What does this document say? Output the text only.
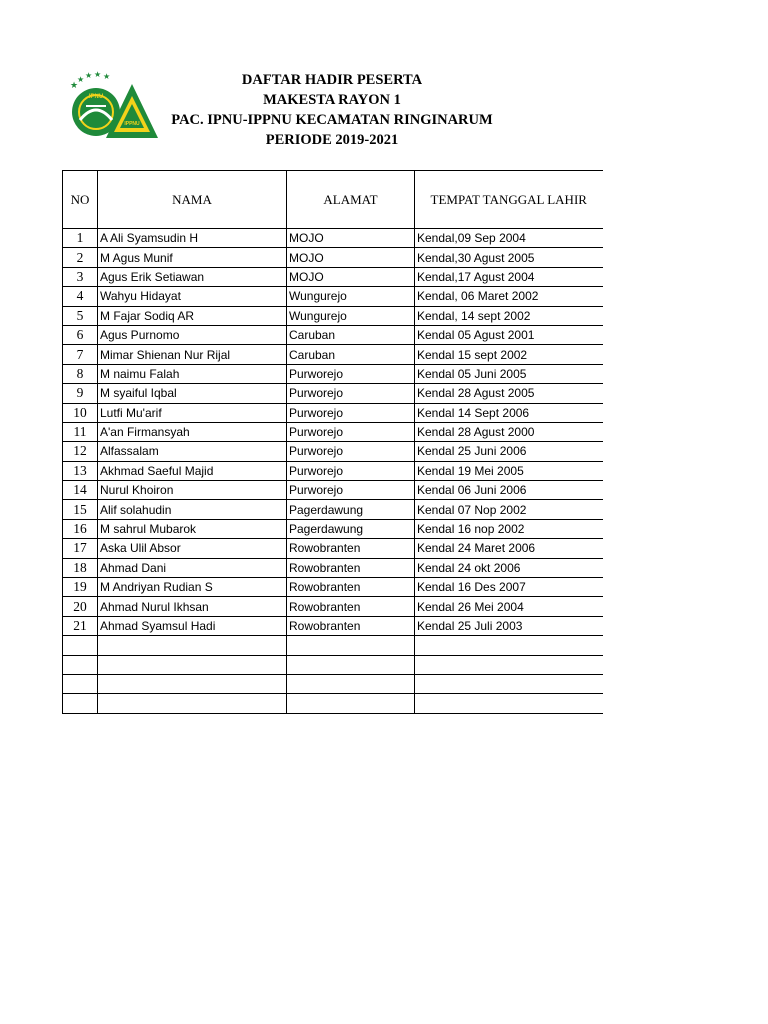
IPNU
★
★ ★ ★ ★
IPPNU
DAFTAR HADIR PESERTA
MAKESTA RAYON 1
PAC. IPNU-IPPNU KECAMATAN RINGINARUM
PERIODE 2019-2021
NO	NAMA	ALAMAT	TEMPAT TANGGAL LAHIR
1	A Ali Syamsudin H	MOJO	Kendal,09 Sep 2004
2	M Agus Munif	MOJO	Kendal,30 Agust 2005
3	Agus Erik Setiawan	MOJO	Kendal,17 Agust 2004
4	Wahyu Hidayat	Wungurejo	Kendal, 06 Maret 2002
5	M Fajar Sodiq AR	Wungurejo	Kendal, 14 sept 2002
6	Agus Purnomo	Caruban	Kendal 05 Agust 2001
7	Mimar Shienan Nur Rijal	Caruban	Kendal 15 sept 2002
8	M naimu Falah	Purworejo	Kendal 05 Juni 2005
9	M syaiful Iqbal	Purworejo	Kendal 28 Agust 2005
10	Lutfi Mu'arif	Purworejo	Kendal 14 Sept 2006
11	A'an Firmansyah	Purworejo	Kendal 28 Agust 2000
12	Alfassalam	Purworejo	Kendal 25 Juni 2006
13	Akhmad Saeful Majid	Purworejo	Kendal 19 Mei 2005
14	Nurul Khoiron	Purworejo	Kendal 06 Juni 2006
15	Alif solahudin	Pagerdawung	Kendal 07 Nop 2002
16	M sahrul Mubarok	Pagerdawung	Kendal 16 nop 2002
17	Aska Ulil Absor	Rowobranten	Kendal 24 Maret 2006
18	Ahmad Dani	Rowobranten	Kendal 24 okt 2006
19	M Andriyan Rudian S	Rowobranten	Kendal 16 Des 2007
20	Ahmad Nurul Ikhsan	Rowobranten	Kendal 26 Mei 2004
21	Ahmad Syamsul Hadi	Rowobranten	Kendal 25 Juli 2003
